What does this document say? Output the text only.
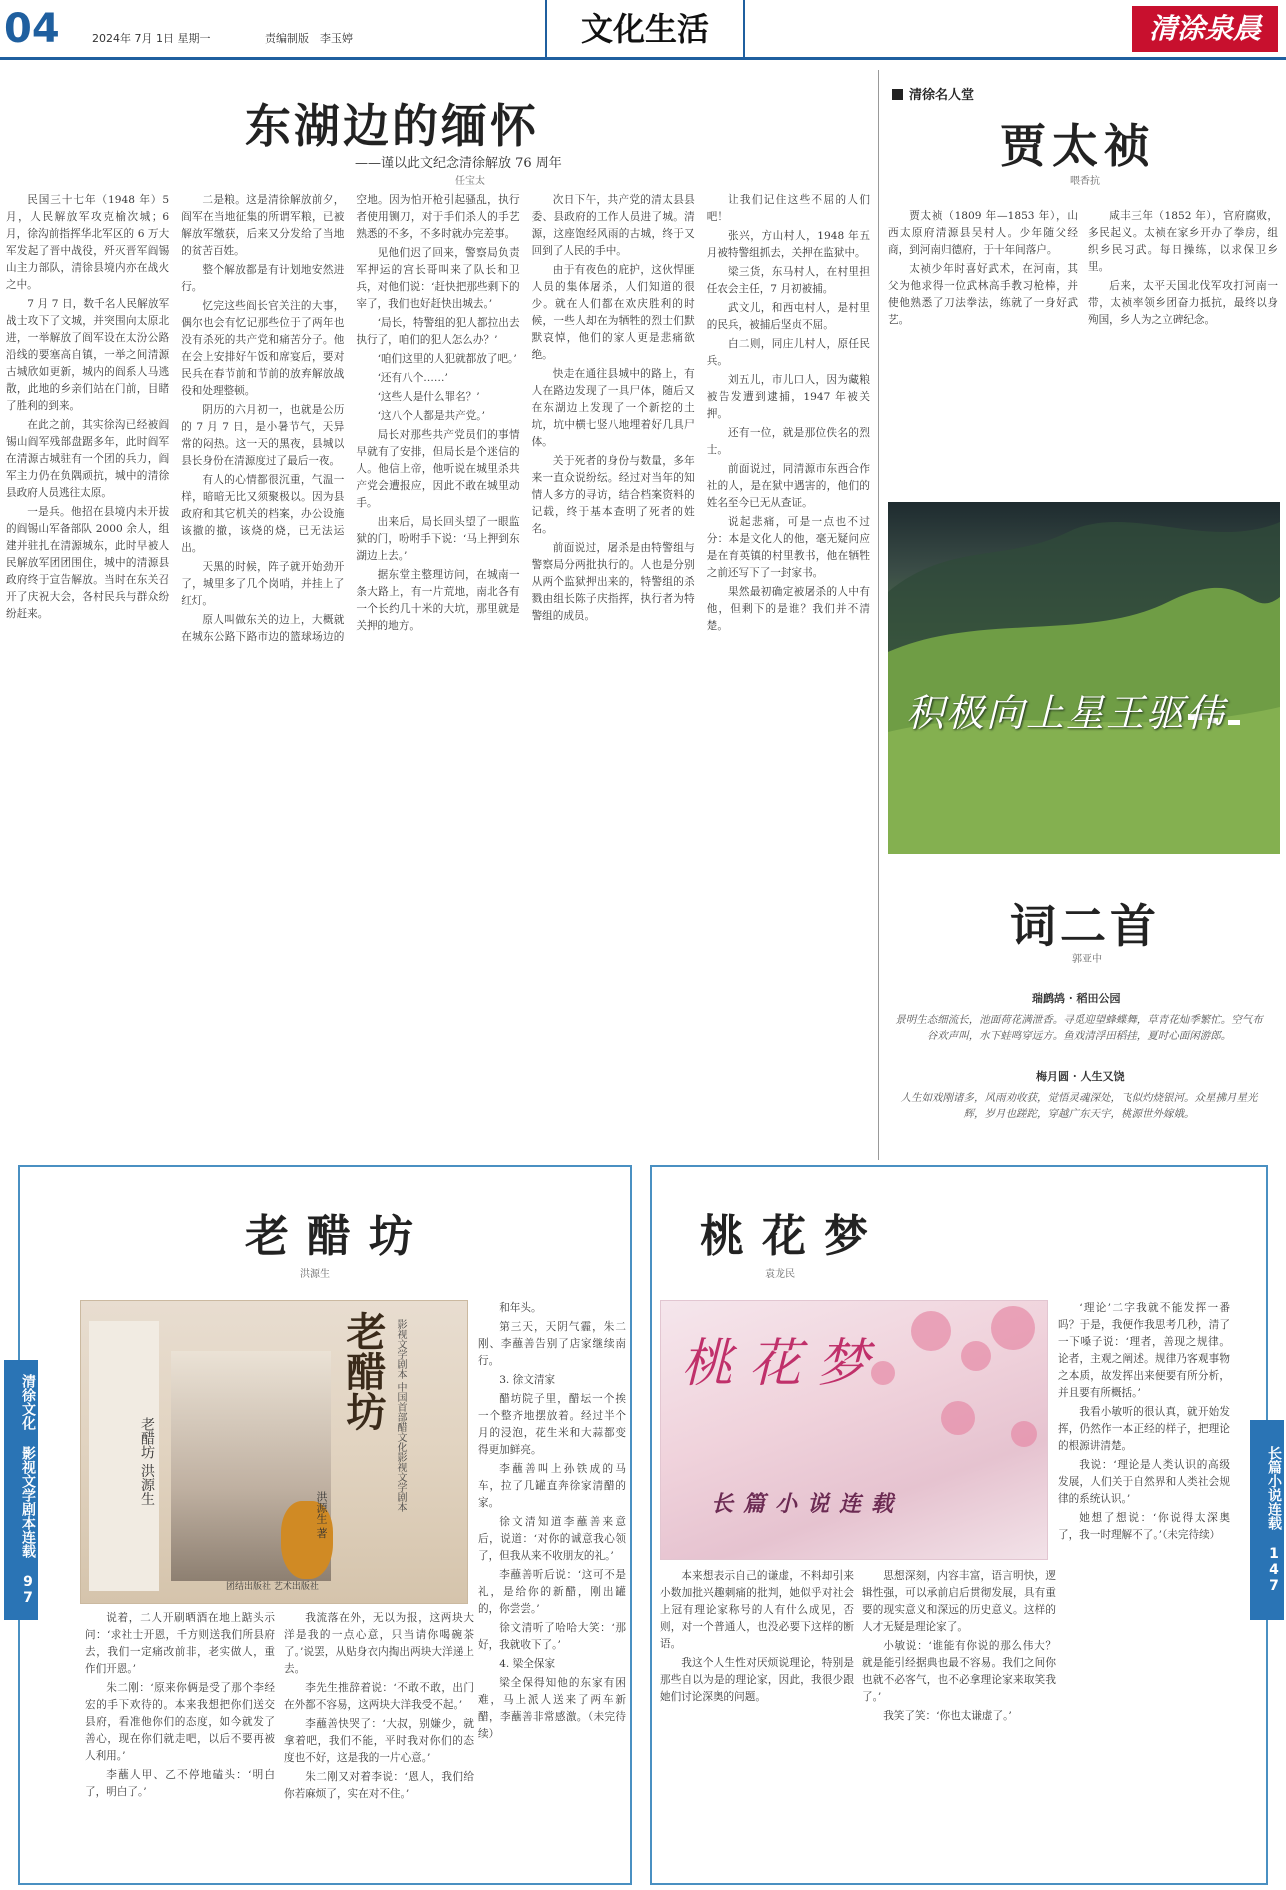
04	2024年 7月 1日 星期一	责编制版　李玉婷	文化生活	清涂泉晨
东湖边的缅怀
——谨以此文纪念清徐解放 76 周年
任宝太

民国三十七年（1948 年）5 月，人民解放军攻克榆次城；6 月，徐沟前指挥华北军区的 6 万大军发起了晋中战役，歼灭晋军阎锡山主力部队，清徐县境内亦在战火之中。

7 月 7 日，数千名人民解放军战士攻下了文城，并突围向太原北进，一举解放了阎军设在太汾公路沿线的要塞高自镇，一举之间清源古城欣如更新，城内的阎系人马逃散，此地的乡亲们站在门前，目睹了胜利的到来。

在此之前，其实徐沟已经被阎锡山阎军残部盘踞多年，此时阎军在清源古城驻有一个团的兵力，阎军主力仍在负隅顽抗，城中的清徐县政府人员逃往太原。

一是兵。他招在县境内未开拔的阎锡山军备部队 2000 余人，组建并驻扎在清源城东，此时早被人民解放军团团围住，城中的清源县政府终于宣告解放。当时在东关召开了庆祝大会，各村民兵与群众纷纷赶来。

二是粮。这是清徐解放前夕，阎军在当地征集的所谓军粮，已被解放军缴获，后来又分发给了当地的贫苦百姓。

整个解放都是有计划地安然进行。

忆完这些阎长官关注的大事，偶尔也会有忆记那些位于了两年也没有杀死的共产党和痛苦分子。他在会上安排好午饭和席宴后，要对民兵在春节前和节前的放弃解放战役和处理整顿。

阴历的六月初一，也就是公历的 7 月 7 日，是小暑节气，天异常的闷热。这一天的黑夜，县城以县长身份在清源度过了最后一夜。

有人的心情都很沉重，气温一样，暗暗无比又须聚极以。因为县政府和其它机关的档案，办公设施该撤的撤，该烧的烧，已无法运出。

天黑的时候，阵子就开始劲开了，城里多了几个岗哨，并挂上了红灯。

原人叫做东关的边上，大概就在城东公路下路市边的篮球场边的空地。因为怕开枪引起骚乱，执行者使用铡刀，对于手们杀人的手艺熟悉的不多，不多时就办完差事。

见他们迟了回来，警察局负责军押运的宫长哥叫来了队长和卫兵，对他们说：‘赶快把那些剩下的宰了，我们也好赶快出城去。’

‘局长，特警组的犯人都拉出去执行了，咱们的犯人怎么办？’

‘咱们这里的人犯就都放了吧。’

‘还有八个……’

‘这些人是什么罪名？’

‘这八个人都是共产党。’

局长对那些共产党员们的事情早就有了安排，但局长是个迷信的人。他信上帝，他听说在城里杀共产党会遭报应，因此不敢在城里动手。

出来后，局长回头望了一眼监狱的门，吩咐手下说：‘马上押到东湖边上去。’

据东堂主整理访问，在城南一条大路上，有一片荒地，南北各有一个长约几十米的大坑，那里就是关押的地方。

次日下午，共产党的清太县县委、县政府的工作人员进了城。清源，这座饱经风雨的古城，终于又回到了人民的手中。

由于有夜色的庇护，这伙悍匪人员的集体屠杀，人们知道的很少。就在人们都在欢庆胜利的时候，一些人却在为牺牲的烈士们默默哀悼，他们的家人更是悲痛欲绝。

快走在通往县城中的路上，有人在路边发现了一具尸体，随后又在东湖边上发现了一个新挖的土坑，坑中横七竖八地埋着好几具尸体。

关于死者的身份与数量，多年来一直众说纷纭。经过对当年的知情人多方的寻访，结合档案资料的记载，终于基本查明了死者的姓名。

前面说过，屠杀是由特警组与警察局分两批执行的。人也是分别从两个监狱押出来的，特警组的杀戮由组长陈子庆指挥，执行者为特警组的成员。

让我们记住这些不屈的人们吧！

张兴，方山村人，1948 年五月被特警组抓去，关押在监狱中。

梁三货，东马村人，在村里担任农会主任，7 月初被捕。

武文儿，和西屯村人，是村里的民兵，被捕后坚贞不屈。

白二则，同庄儿村人，原任民兵。

刘五儿，市儿口人，因为藏粮被告发遭到逮捕，1947 年被关押。

还有一位，就是那位佚名的烈士。

前面说过，同清源市东西合作社的人，是在狱中遇害的，他们的姓名至今已无从查证。

说起悲痛，可是一点也不过分：本是文化人的他，毫无疑问应是在育英镇的村里教书，他在牺牲之前还写下了一封家书。

果然最初确定被屠杀的人中有他，但剩下的是谁？我们并不清楚。

清徐名人堂
贾太祯
喂香抗

贾太祯（1809 年—1853 年），山西太原府清源县吴村人。少年随父经商，到河南归德府，于十年间落户。

太祯少年时喜好武术，在河南，其父为他求得一位武林高手教习枪棒，并使他熟悉了刀法拳法，练就了一身好武艺。

咸丰三年（1852 年），官府腐败，多民起义。太祯在家乡开办了拳房，组织乡民习武。每日操练，以求保卫乡里。

后来，太平天国北伐军攻打河南一带，太祯率领乡团奋力抵抗，最终以身殉国，乡人为之立碑纪念。

积极向上星王驱伟
词二首
郭亚中
瑞鹧鸪 · 稻田公园
景明生态细流长，池面荷花满泄香。寻觅迎望蜂蝶舞，草青花灿季繁忙。空气布谷欢声叫，水下蛙鸣穿远方。鱼戏清浮田稻挂，夏时心面闲游郎。
梅月圆 · 人生又饶
人生如戏刚诸多，风雨劝收获，觉悟灵魂深处，飞似灼烧银河。众星拂月星光辉，岁月也蹉跎，穿越广东天宇，桃源世外嫁娥。
老醋坊
洪源生
清徐文化 影视文学剧本连载 97	老醋坊 洪源生
老醋坊 影视文学剧本 中国首部醋文化影视文学剧本
洪源生 著
团结出版社 艺术出版社

说着，二人开刷晒酒在地上踮头示问：‘求社士开恩，千方则送我们所县府去，我们一定痛改前非，老实做人，重作们开恩。’

朱二刚：‘原来你俩是受了那个李经宏的手下欢待的。本来我想把你们送交县府，看准他你们的态度，如今就发了善心，现在你们就走吧，以后不要再被人利用。’

李蘸人甲、乙不停地磕头：‘明白了，明白了。’

我流落在外，无以为报，这两块大洋是我的一点心意，只当请你喝碗茶了。’说罢，从贴身衣内掏出两块大洋递上去。

李先生推辞着说：‘不敢不敢，出门在外都不容易，这两块大洋我受不起。’

李蘸善快哭了：‘大叔，别嫌少，就拿着吧，我们不能，平时我对你们的态度也不好，这是我的一片心意。’

朱二刚又对着李说：‘恩人，我们给你若麻烦了，实在对不住。’

和年头。

第三天，天阴气霾，朱二刚、李蘸善告别了店家继续南行。

3. 徐文清家

醋坊院子里，醋坛一个挨一个整齐地摆放着。经过半个月的浸泡，花生米和大蒜都变得更加鲜亮。

李蘸善叫上孙铁成的马车，拉了几罐直奔徐家清醋的家。

徐文清知道李蘸善来意后，说道：‘对你的诚意我心领了，但我从来不收朋友的礼。’

李蘸善听后说：‘这可不是礼，是给你的新醋，刚出罐的，你尝尝。’

徐文清听了哈哈大笑：‘那好，我就收下了。’

4. 梁全保家

梁全保得知他的东家有困难，马上派人送来了两车新醋，李蘸善非常感激。（未完待续）

桃花梦
袁龙民
长篇小说连载 147
桃花梦
长篇小说连载

本来想表示自己的谦虚，不料却引来小数加批兴趣刺痛的批判，她似乎对社会上冠有理论家称号的人有什么成见，否则，对一个普通人，也没必要下这样的断语。

我这个人生性对厌烦说理论，特别是那些自以为是的理论家，因此，我很少跟她们讨论深奥的问题。

思想深刻，内容丰富，语言明快，逻辑性强，可以承前启后贯彻发展，具有重要的现实意义和深远的历史意义。这样的人才无疑是理论家了。

小敏说：‘谁能有你说的那么伟大？就是能引经据典也最不容易。我们之间你也就不必客气，也不必拿理论家来取笑我了。’

我笑了笑：‘你也太谦虚了。’

‘理论’二字我就不能发挥一番吗？于是，我便作我思考几秒，清了一下嗓子说：‘理者，善现之规律。论者，主观之阐述。规律乃客观事物之本质，故发挥出来便要有所分析，并且要有所概括。’

我看小敏听的很认真，就开始发挥，仍然作一本正经的样子，把理论的根源讲清楚。

我说：‘理论是人类认识的高级发展，人们关于自然界和人类社会规律的系统认识。’

她想了想说：‘你说得太深奥了，我一时理解不了。’（未完待续）
